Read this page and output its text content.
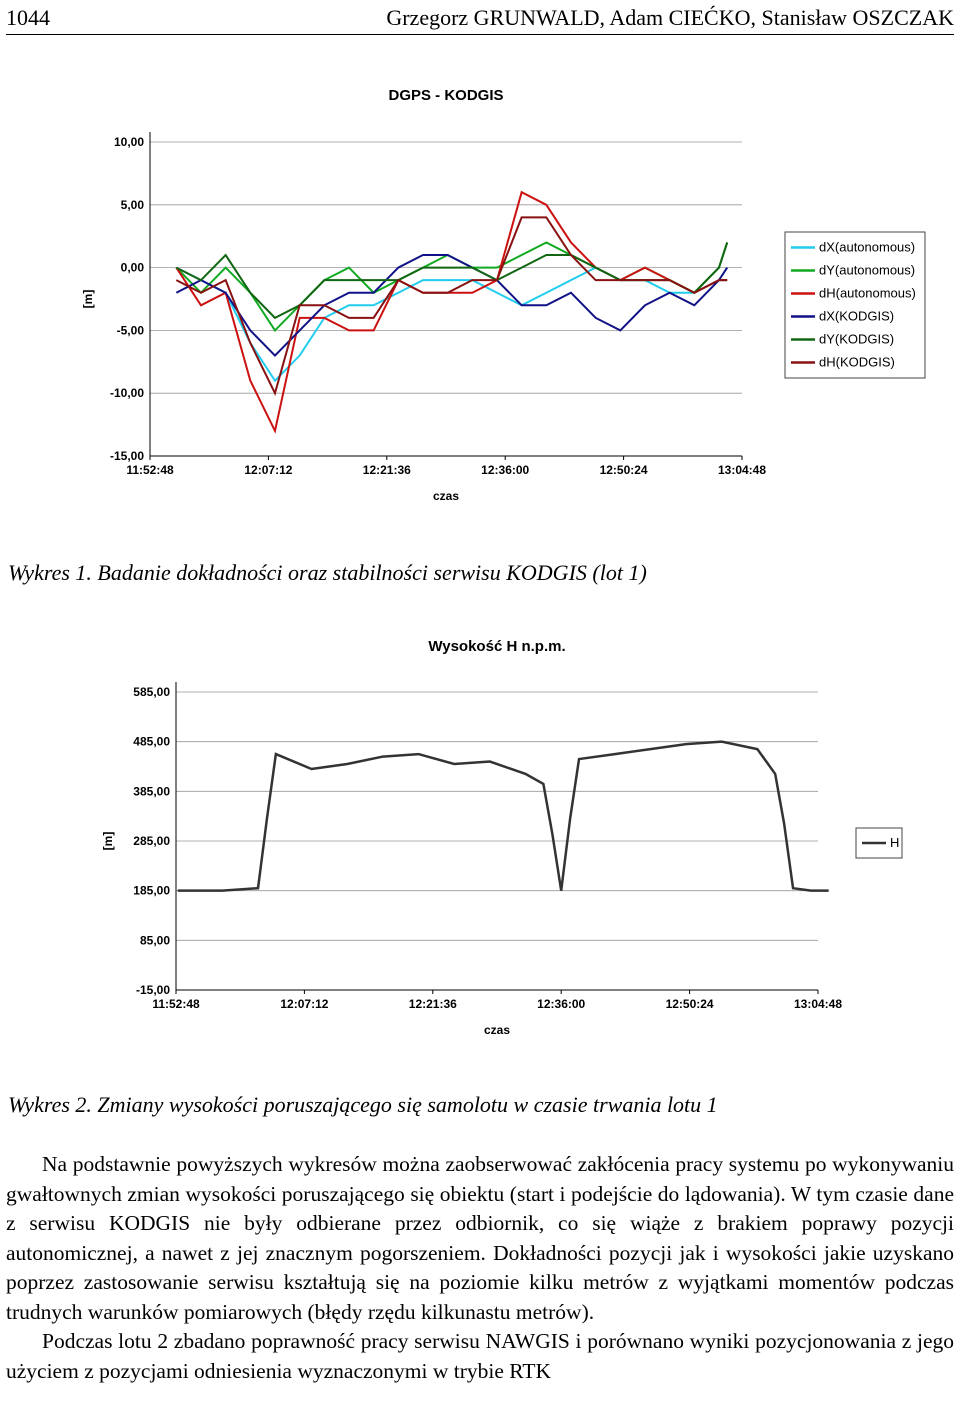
1044	Grzegorz GRUNWALD, Adam CIEĆKO, Stanisław OSZCZAK
DGPS - KODGIS
10,00
5,00
0,00
-5,00
-10,00
-15,00
11:52:48	12:07:12	12:21:36	12:36:00	12:50:24	13:04:48
czas
[m]
dX(autonomous)
dY(autonomous)
dH(autonomous)
dX(KODGIS)
dY(KODGIS)
dH(KODGIS)
Wykres 1. Badanie dokładności oraz stabilności serwisu KODGIS (lot 1)
Wysokość H n.p.m.
585,00
485,00
385,00
285,00
185,00
85,00
-15,00
11:52:48	12:07:12	12:21:36	12:36:00	12:50:24	13:04:48
czas
[m]	H
Wykres 2. Zmiany wysokości poruszającego się samolotu w czasie trwania lotu 1

Na podstawnie powyższych wykresów można zaobserwować zakłócenia pracy systemu po wykonywaniu gwałtownych zmian wysokości poruszającego się obiektu (start i podejście do lądowania). W tym czasie dane z serwisu KODGIS nie były odbierane przez odbiornik, co się wiąże z brakiem poprawy pozycji autonomicznej, a nawet z jej znacznym pogorszeniem. Dokładności pozycji jak i wysokości jakie uzyskano poprzez zastosowanie serwisu kształtują się na poziomie kilku metrów z wyjątkami momentów podczas trudnych warunków pomiarowych (błędy rzędu kilkunastu metrów).

Podczas lotu 2 zbadano poprawność pracy serwisu NAWGIS i porównano wyniki pozycjonowania z jego użyciem z pozycjami odniesienia wyznaczonymi w trybie RTK
